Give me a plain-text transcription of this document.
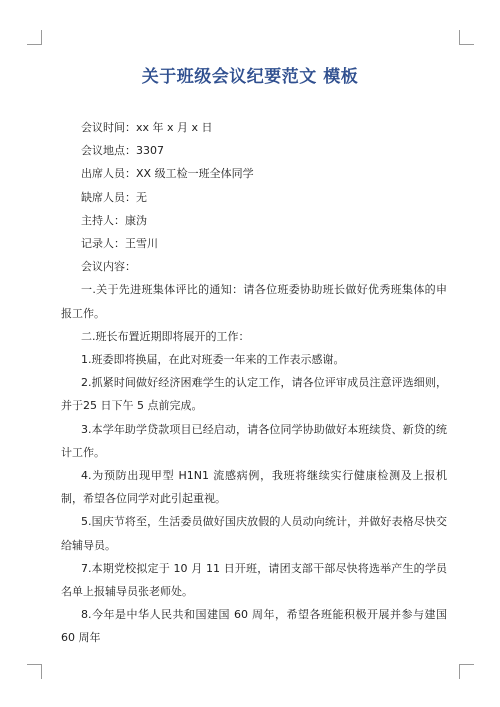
关于班级会议纪要范文 模板

会议时间：xx 年 x 月 x 日

会议地点：3307

出席人员：XX 级工检一班全体同学

缺席人员：无

主持人：康沩

记录人：王雪川

会议内容：

一.关于先进班集体评比的通知：请各位班委协助班长做好优秀班集体的申报工作。

二.班长布置近期即将展开的工作：

1.班委即将换届，在此对班委一年来的工作表示感谢。

2.抓紧时间做好经济困难学生的认定工作，请各位评审成员注意评选细则，并于25 日下午 5 点前完成。

3.本学年助学贷款项目已经启动，请各位同学协助做好本班续贷、新贷的统计工作。

4.为预防出现甲型 H1N1 流感病例，我班将继续实行健康检测及上报机制，希望各位同学对此引起重视。

5.国庆节将至，生活委员做好国庆放假的人员动向统计，并做好表格尽快交给辅导员。

7.本期党校拟定于 10 月 11 日开班，请团支部干部尽快将选举产生的学员名单上报辅导员张老师处。

8.今年是中华人民共和国建国 60 周年，希望各班能积极开展并参与建国 60 周年
